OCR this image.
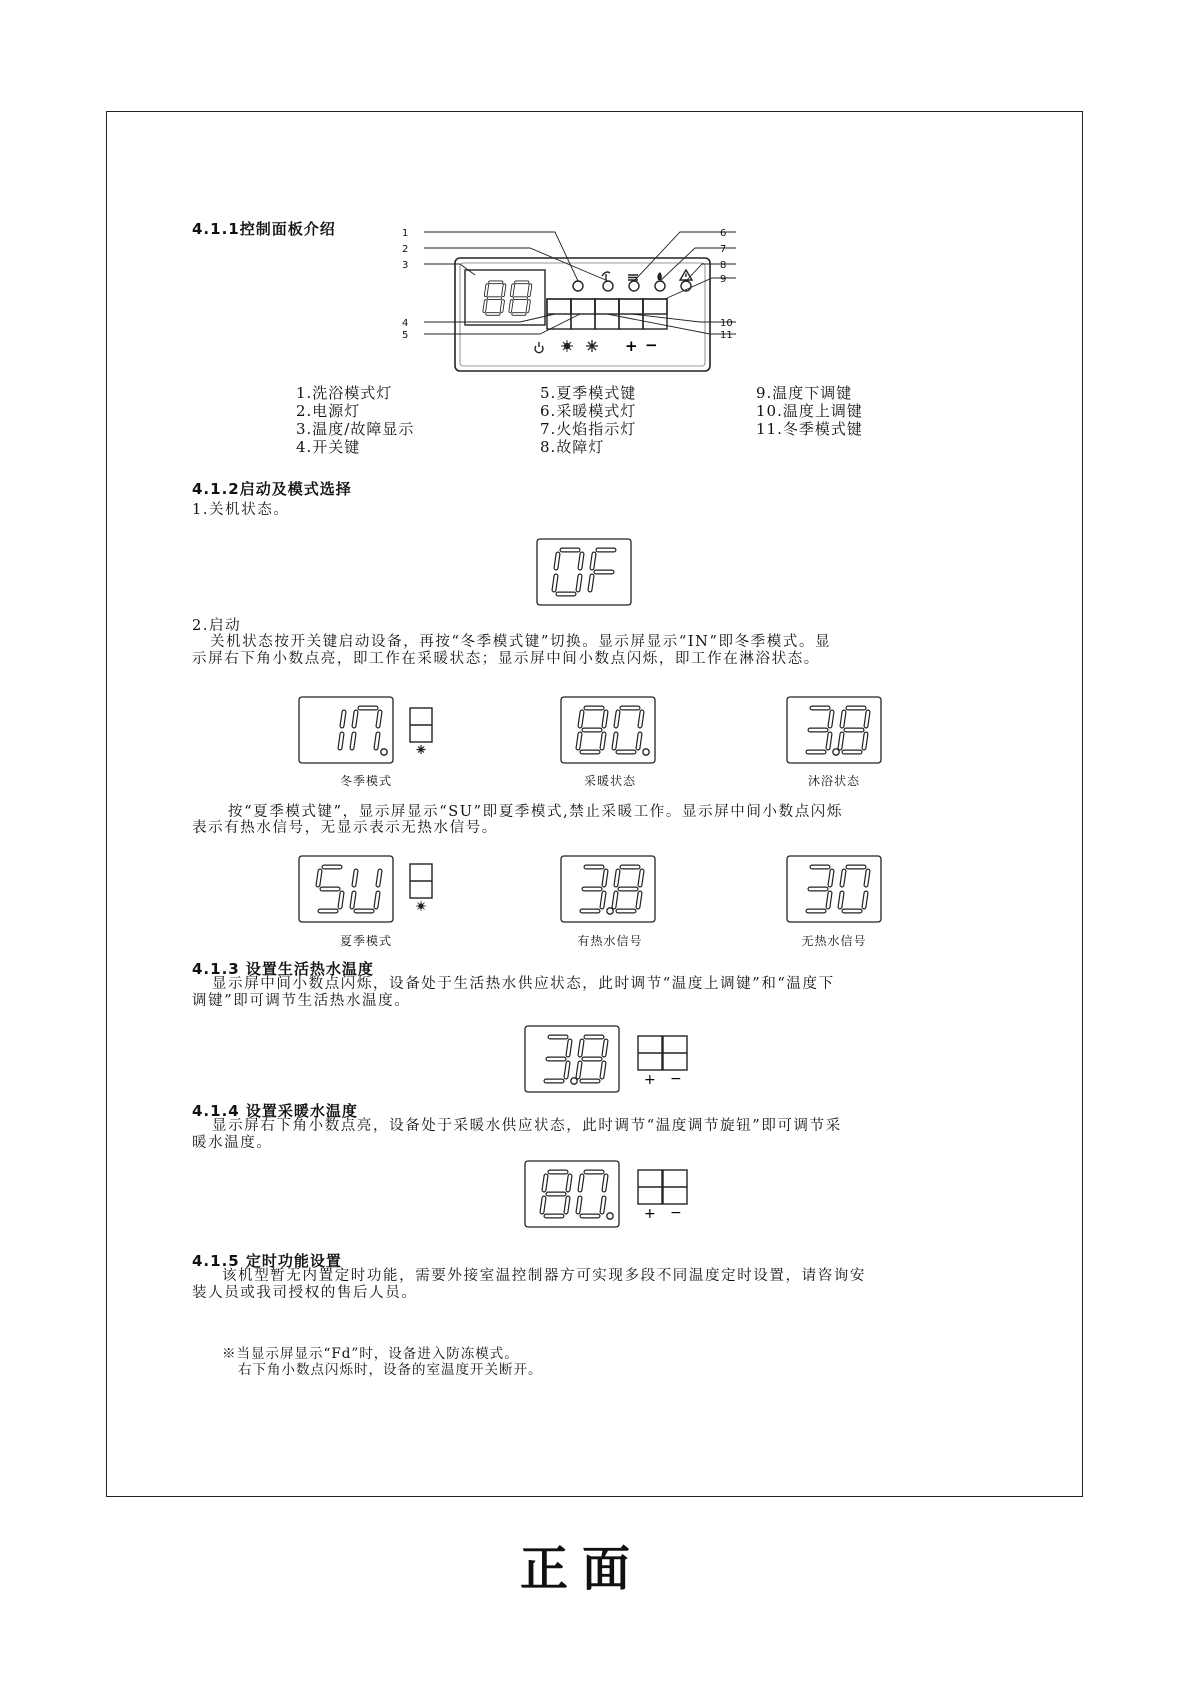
4.1.1控制面板介绍
+ −
1
2
3
4
5
6
7
8
9
10
11
1.洗浴模式灯
2.电源灯
3.温度/故障显示
4.开关键
5.夏季模式键
6.采暖模式灯
7.火焰指示灯
8.故障灯
9.温度下调键
10.温度上调键
11.冬季模式键
4.1.2启动及模式选择
1.关机状态。
2.启动
关机状态按开关键启动设备，再按“冬季模式键”切换。显示屏显示“IN”即冬季模式。显
示屏右下角小数点亮，即工作在采暖状态；显示屏中间小数点闪烁，即工作在淋浴状态。
冬季模式	采暖状态	沐浴状态
按“夏季模式键”，显示屏显示“SU”即夏季模式,禁止采暖工作。显示屏中间小数点闪烁
表示有热水信号，无显示表示无热水信号。
夏季模式	有热水信号	无热水信号
4.1.3 设置生活热水温度
显示屏中间小数点闪烁，设备处于生活热水供应状态，此时调节“温度上调键”和“温度下
调键”即可调节生活热水温度。
+ −
4.1.4 设置采暖水温度
显示屏右下角小数点亮，设备处于采暖水供应状态，此时调节“温度调节旋钮”即可调节采
暖水温度。
+ −
4.1.5 定时功能设置
该机型暂无内置定时功能，需要外接室温控制器方可实现多段不同温度定时设置，请咨询安
装人员或我司授权的售后人员。
※当显示屏显示“Fd”时，设备进入防冻模式。
右下角小数点闪烁时，设备的室温度开关断开。
正面
